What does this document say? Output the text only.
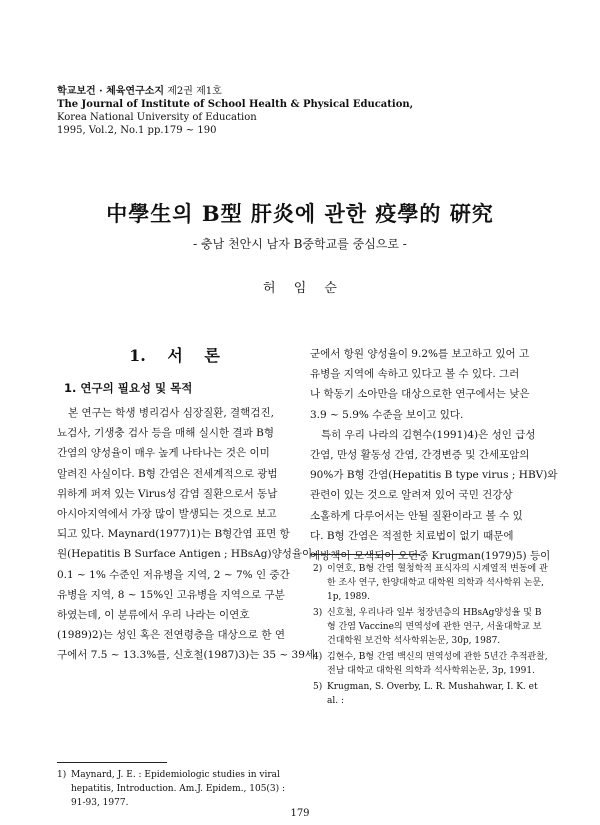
학교보건 · 체육연구소지 제2권 제1호
The Journal of Institute of School Health & Physical Education,
Korea National University of Education
1995, Vol.2, No.1 pp.179 ~ 190
中學生의 B型 肝炎에 관한 疫學的 硏究
- 충남 천안시 남자 B중학교를 중심으로 -
허 임 순
1. 서 론
1. 연구의 필요성 및 목적
본 연구는 학생 병리검사 심장질환, 결핵검진,
뇨검사, 기생충 검사 등을 매해 실시한 결과 B형
간염의 양성율이 매우 높게 나타나는 것은 이미
알려진 사실이다. B형 간염은 전세계적으로 광범
위하게 퍼져 있는 Virus성 감염 질환으로서 동남
아시아지역에서 가장 많이 발생되는 것으로 보고
되고 있다. Maynard(1977)1)는 B형간염 표면 항
원(Hepatitis B Surface Antigen ; HBsAg)양성율이
0.1 ~ 1% 수준인 저유병을 지역, 2 ~ 7% 인 중간
유병을 지역, 8 ~ 15%인 고유병을 지역으로 구분
하였는데, 이 분류에서 우리 나라는 이연호
(1989)2)는 성인 혹은 전연령층을 대상으로 한 연
구에서 7.5 ~ 13.3%를, 신호철(1987)3)는 35 ~ 39세
군에서 항원 양성율이 9.2%를 보고하고 있어 고
유병을 지역에 속하고 있다고 볼 수 있다. 그러
나 학동기 소아만을 대상으로한 연구에서는 낮은
3.9 ~ 5.9% 수준을 보이고 있다.
특히 우리 나라의 김현수(1991)4)은 성인 급성
간염, 만성 활동성 간염, 간경변증 및 간세포암의
90%가 B형 간염(Hepatitis B type virus ; HBV)와
관련이 있는 것으로 알려져 있어 국민 건강상
소홀하게 다루어서는 안될 질환이라고 볼 수 있
다. B형 간염은 적절한 치료법이 없기 때문에
예방책이 모색되어 오던중 Krugman(1979)5) 등이
1) Maynard, J. E. : Epidemiologic studies in viral hepatitis, Introduction. Am.J. Epidem., 105(3) : 91-93, 1977.
2) 이연호, B형 간염 혈청학적 표식자의 시계열적 변동에 관한 조사 연구, 한양대학교 대학원 의학과 석사학위 논문, 1p, 1989.
3) 신호철, 우리나라 일부 청장년층의 HBsAg양성율 및 B형 간염 Vaccine의 면역성에 관한 연구, 서울대학교 보건대학원 보건학 석사학위논문, 30p, 1987.
4) 김현수, B형 간염 백신의 면역성에 관한 5년간 추적관찰, 전남 대학교 대학원 의학과 석사학위논문, 3p, 1991.
5) Krugman, S. Overby, L. R. Mushahwar, I. K. et al. :
179
